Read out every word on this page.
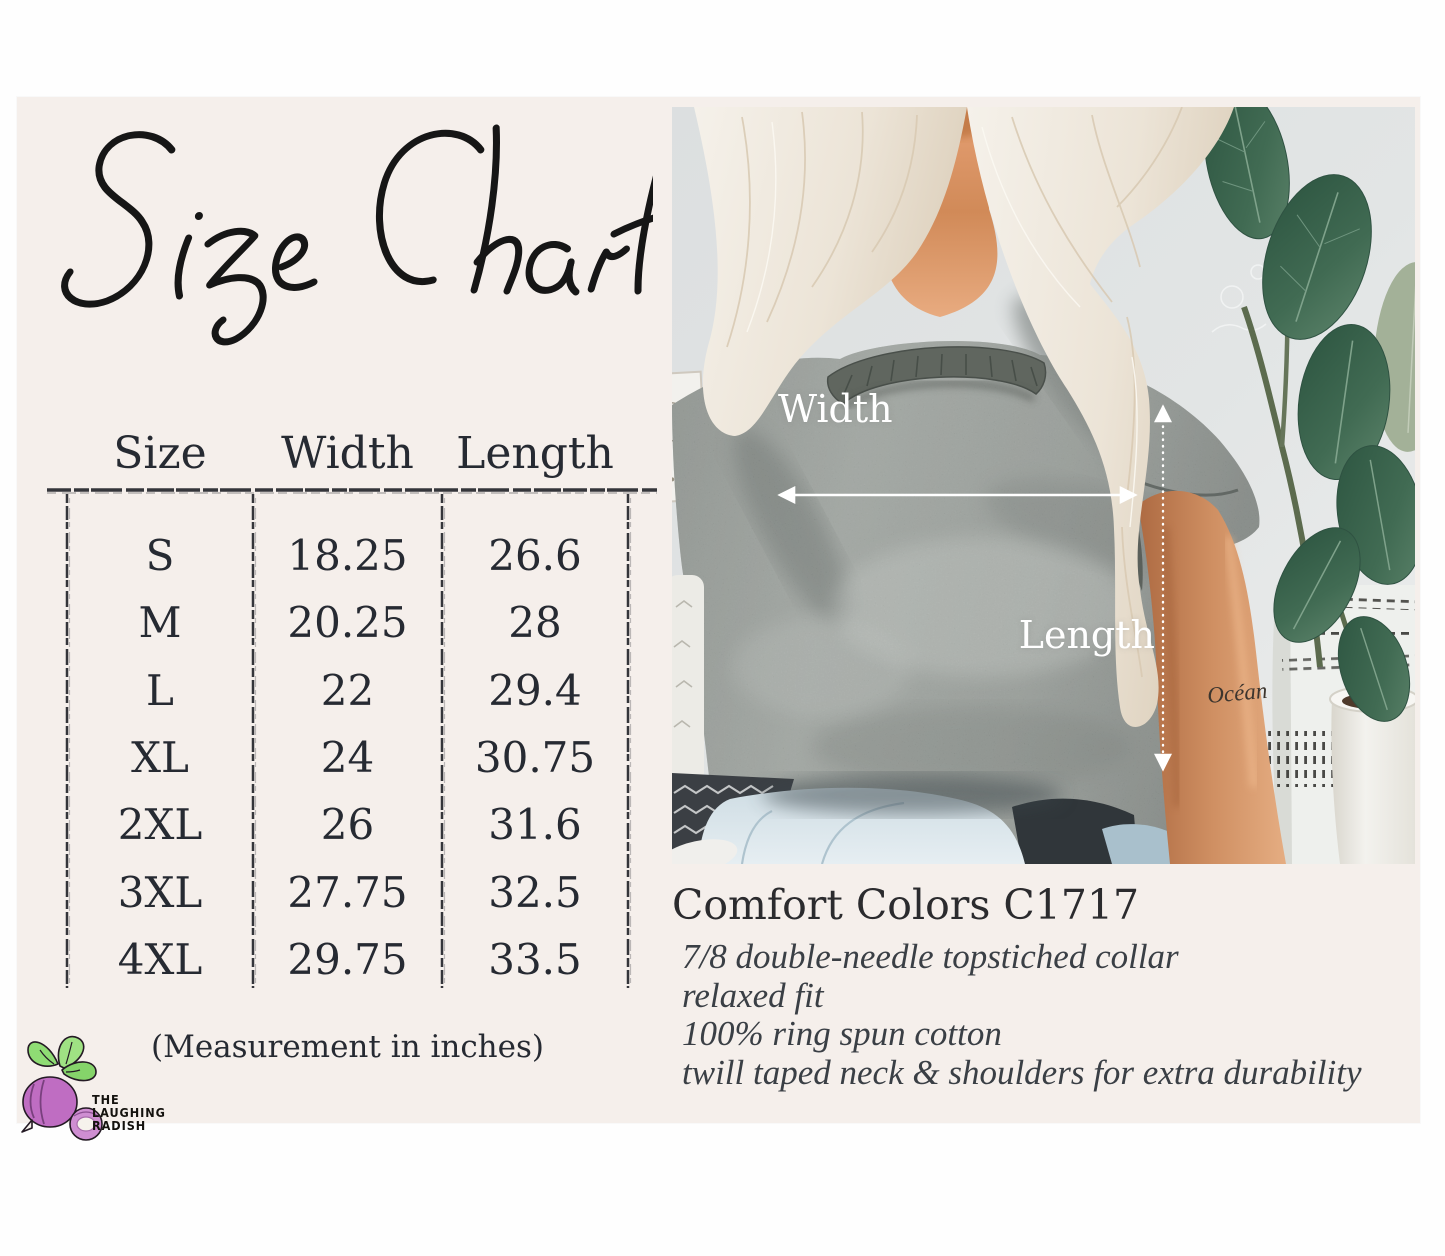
Size	Width Length
S	18.25	26.6
M	20.25	28
L	22	29.4
XL	24	30.75
2XL	26	31.6
3XL	27.75	32.5
4XL	29.75	33.5
(Measurement in inches)
THE
LAUGHING
RADISH
Océan
Width
Length
Comfort Colors C1717
7/8 double-needle topstiched collar
relaxed fit
100% ring spun cotton
twill taped neck & shoulders for extra durability
